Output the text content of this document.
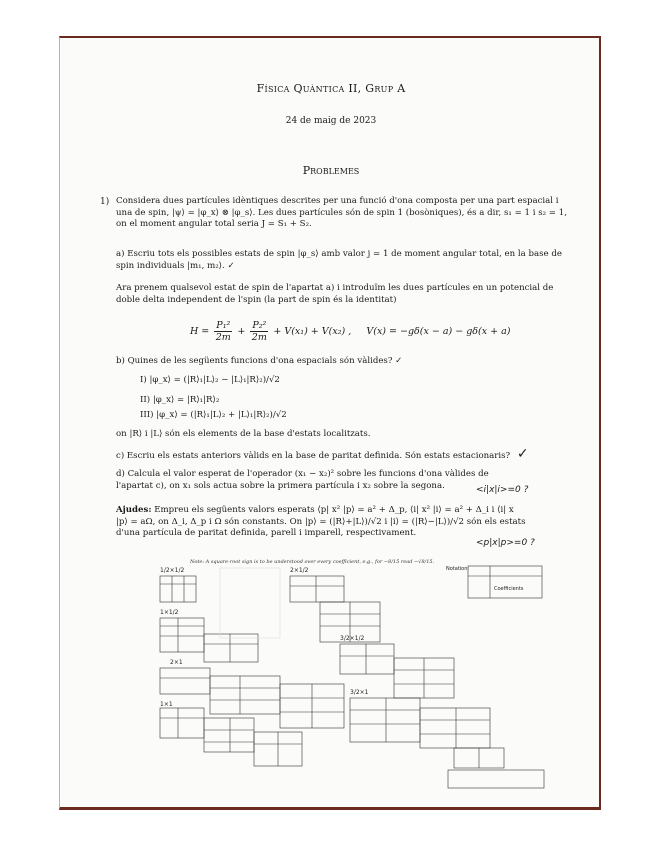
Física Quàntica II, Grup A
24 de maig de 2023
Problemes
1) Considera dues partícules idèntiques descrites per una funció d'ona composta per una part espacial i una de spin, |ψ⟩ = |φ_x⟩ ⊗ |φ_s⟩. Les dues partícules són de spin 1 (bosòniques), és a dir, s₁ = 1 i s₂ = 1, on el moment angular total seria J = S₁ + S₂.
a) Escriu tots els possibles estats de spin |φ_s⟩ amb valor j = 1 de moment angular total, en la base de spin individuals |m₁, m₂⟩. ✓
Ara prenem qualsevol estat de spin de l'apartat a) i introduïm les dues partícules en un potencial de doble delta independent de l'spin (la part de spin és la identitat)
$H = \frac{\text{P₁²}}{2m} + \frac{\text{P₂²}}{2m} + V(x_1) + V(x_2)$ , V(x) = −gδ(x − a) − gδ(x + a)
b) Quines de les següents funcions d'ona espacials són vàlides? ✓
I) |φ_x⟩ = (|R⟩₁|L⟩₂ − |L⟩₁|R⟩₂)/√2
II) |φ_x⟩ = |R⟩₁|R⟩₂
III) |φ_x⟩ = (|R⟩₁|L⟩₂ + |L⟩₁|R⟩₂)/√2
on |R⟩ i |L⟩ són els elements de la base d'estats localitzats.
c) Escriu els estats anteriors vàlids en la base de paritat definida. Són estats estacionaris? ✓
d) Calcula el valor esperat de l'operador (x₁ − x₂)² sobre les funcions d'ona vàlides de l'apartat c), on x₁ sols actua sobre la primera partícula i x₂ sobre la segona.	<i|x|i>=0 ?
Ajudes: Empreu els següents valors esperats ⟨p| x² |p⟩ = a² + Δ_p, ⟨i| x² |i⟩ = a² + Δ_i i ⟨i| x |p⟩ = aΩ, on Δ_i, Δ_p i Ω són constants. On |p⟩ = (|R⟩+|L⟩)/√2 i |i⟩ = (|R⟩−|L⟩)/√2 són els estats d'una partícula de paritat definida, parell i imparell, respectivament.
<p|x|p>=0 ?
Note: A square-root sign is to be understood over every coefficient, e.g., for −8/15 read −√8/15.
1/2×1/2
1×1/2
2×1/2
2×1
3/2×1/2
3/2×1
1×1
Notation:
Coefficients
